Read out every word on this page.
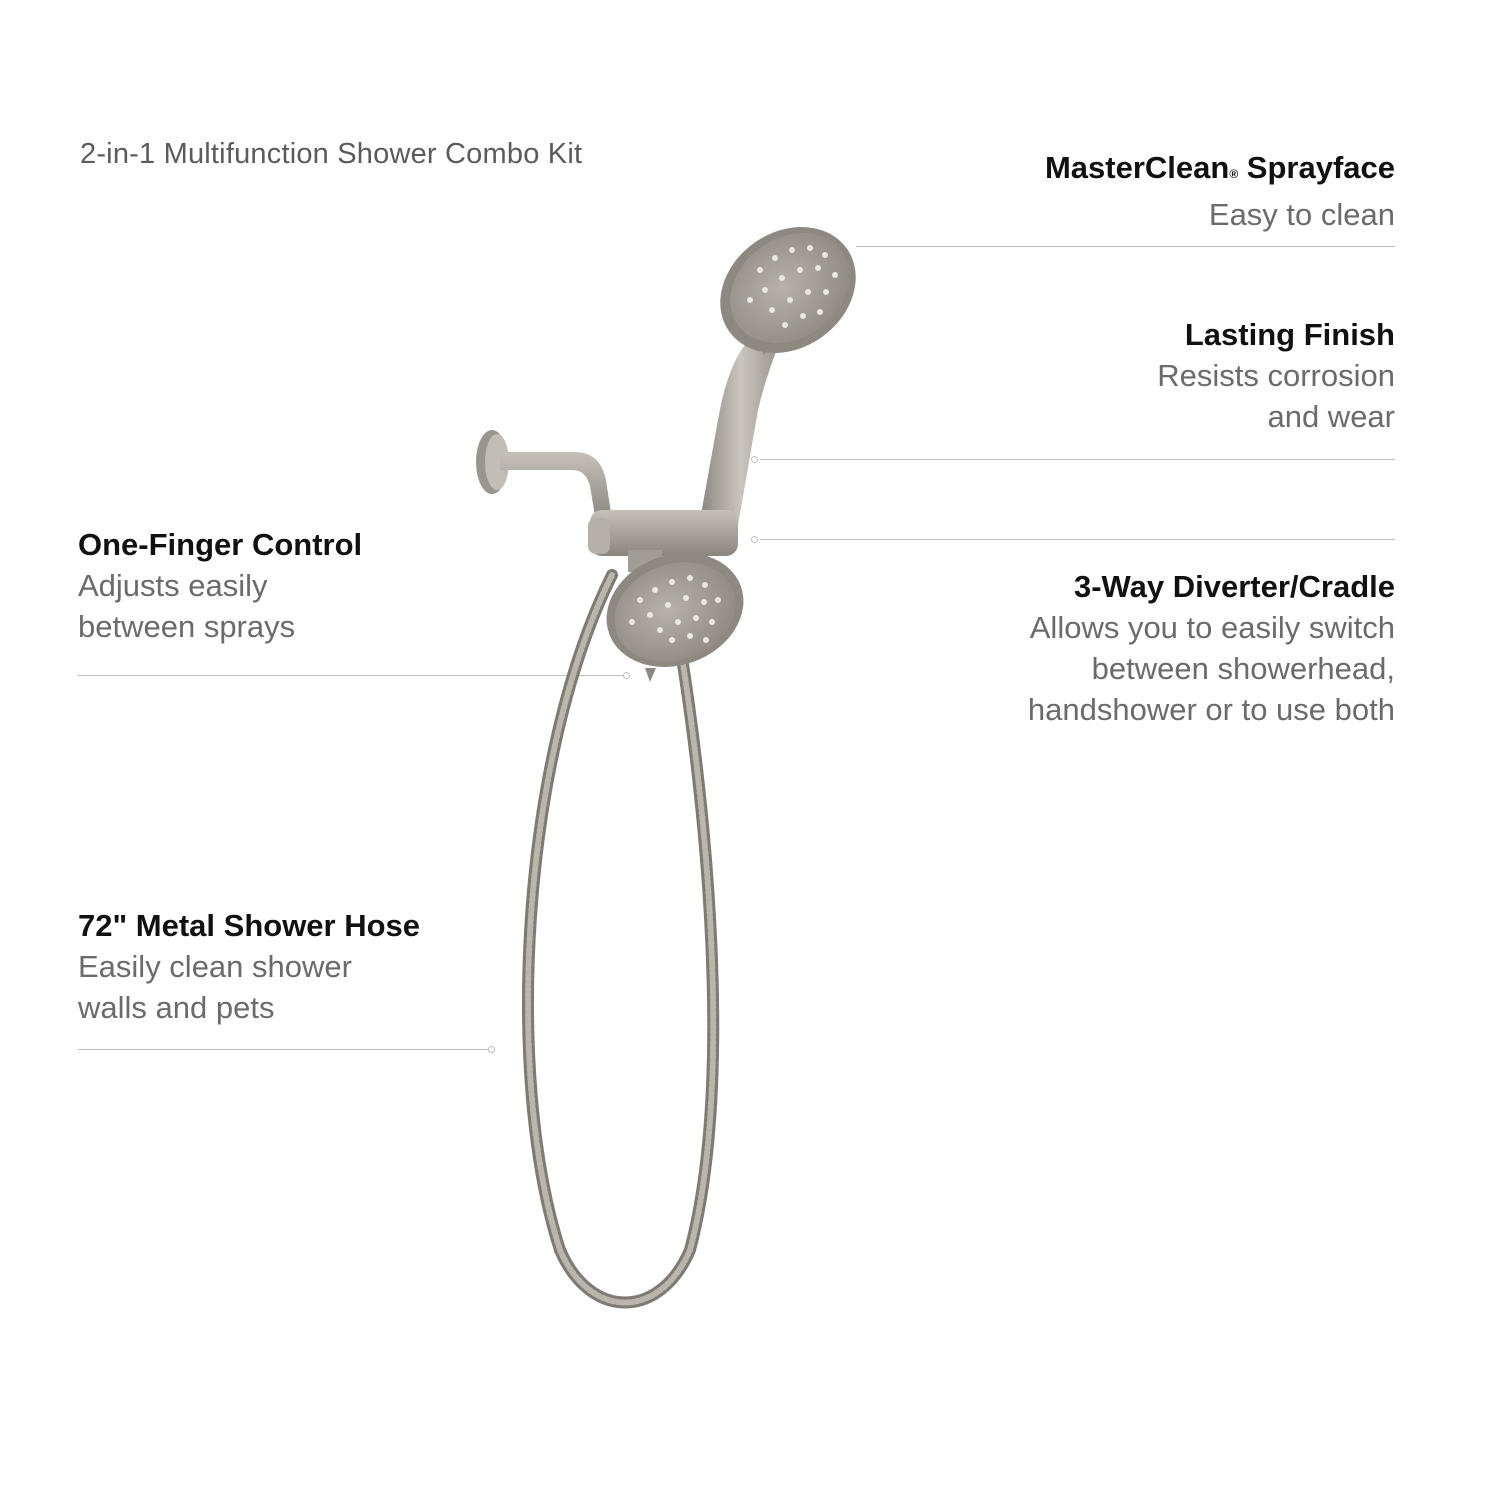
2-in-1 Multifunction Shower Combo Kit	MasterClean® Sprayface
Easy to clean
Lasting Finish
Resists corrosion
and wear
3-Way Diverter/Cradle
Allows you to easily switch
between showerhead,
handshower or to use both
One-Finger Control
Adjusts easily
between sprays
72" Metal Shower Hose
Easily clean shower
walls and pets
